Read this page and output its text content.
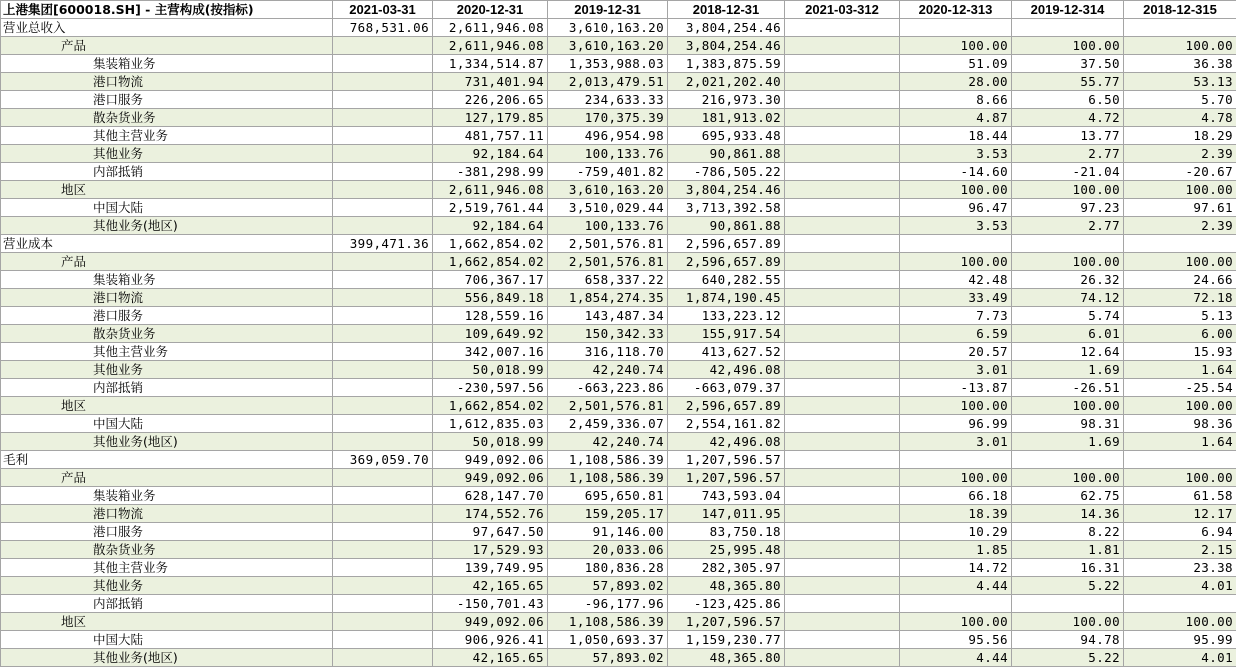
上港集团[600018.SH] - 主营构成(按指标)	2021-03-31	2020-12-31	2019-12-31	2018-12-31	2021-03-312	2020-12-313	2019-12-314	2018-12-315
营业总收入	768,531.06	2,611,946.08	3,610,163.20	3,804,254.46				
产品		2,611,946.08	3,610,163.20	3,804,254.46		100.00	100.00	100.00
集装箱业务		1,334,514.87	1,353,988.03	1,383,875.59		51.09	37.50	36.38
港口物流		731,401.94	2,013,479.51	2,021,202.40		28.00	55.77	53.13
港口服务		226,206.65	234,633.33	216,973.30		8.66	6.50	5.70
散杂货业务		127,179.85	170,375.39	181,913.02		4.87	4.72	4.78
其他主营业务		481,757.11	496,954.98	695,933.48		18.44	13.77	18.29
其他业务		92,184.64	100,133.76	90,861.88		3.53	2.77	2.39
内部抵销		-381,298.99	-759,401.82	-786,505.22		-14.60	-21.04	-20.67
地区		2,611,946.08	3,610,163.20	3,804,254.46		100.00	100.00	100.00
中国大陆		2,519,761.44	3,510,029.44	3,713,392.58		96.47	97.23	97.61
其他业务(地区)		92,184.64	100,133.76	90,861.88		3.53	2.77	2.39
营业成本	399,471.36	1,662,854.02	2,501,576.81	2,596,657.89				
产品		1,662,854.02	2,501,576.81	2,596,657.89		100.00	100.00	100.00
集装箱业务		706,367.17	658,337.22	640,282.55		42.48	26.32	24.66
港口物流		556,849.18	1,854,274.35	1,874,190.45		33.49	74.12	72.18
港口服务		128,559.16	143,487.34	133,223.12		7.73	5.74	5.13
散杂货业务		109,649.92	150,342.33	155,917.54		6.59	6.01	6.00
其他主营业务		342,007.16	316,118.70	413,627.52		20.57	12.64	15.93
其他业务		50,018.99	42,240.74	42,496.08		3.01	1.69	1.64
内部抵销		-230,597.56	-663,223.86	-663,079.37		-13.87	-26.51	-25.54
地区		1,662,854.02	2,501,576.81	2,596,657.89		100.00	100.00	100.00
中国大陆		1,612,835.03	2,459,336.07	2,554,161.82		96.99	98.31	98.36
其他业务(地区)		50,018.99	42,240.74	42,496.08		3.01	1.69	1.64
毛利	369,059.70	949,092.06	1,108,586.39	1,207,596.57				
产品		949,092.06	1,108,586.39	1,207,596.57		100.00	100.00	100.00
集装箱业务		628,147.70	695,650.81	743,593.04		66.18	62.75	61.58
港口物流		174,552.76	159,205.17	147,011.95		18.39	14.36	12.17
港口服务		97,647.50	91,146.00	83,750.18		10.29	8.22	6.94
散杂货业务		17,529.93	20,033.06	25,995.48		1.85	1.81	2.15
其他主营业务		139,749.95	180,836.28	282,305.97		14.72	16.31	23.38
其他业务		42,165.65	57,893.02	48,365.80		4.44	5.22	4.01
内部抵销		-150,701.43	-96,177.96	-123,425.86				
地区		949,092.06	1,108,586.39	1,207,596.57		100.00	100.00	100.00
中国大陆		906,926.41	1,050,693.37	1,159,230.77		95.56	94.78	95.99
其他业务(地区)		42,165.65	57,893.02	48,365.80		4.44	5.22	4.01
